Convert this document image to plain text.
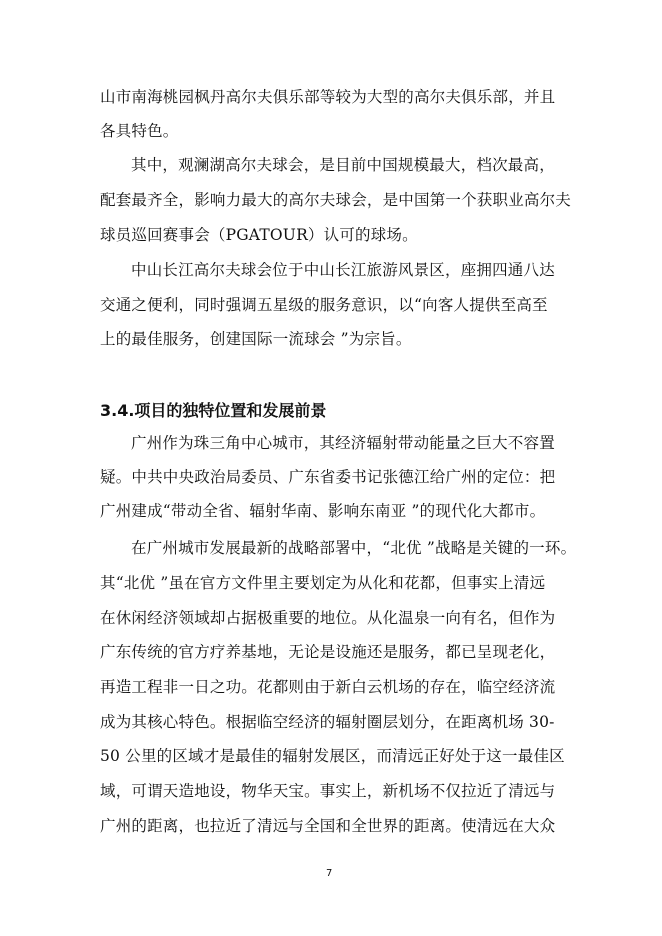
山市南海桃园枫丹高尔夫俱乐部等较为大型的高尔夫俱乐部，并且
各具特色。
其中，观澜湖高尔夫球会，是目前中国规模最大，档次最高，
配套最齐全，影响力最大的高尔夫球会，是中国第一个获职业高尔夫
球员巡回赛事会（PGATOUR）认可的球场。
中山长江高尔夫球会位于中山长江旅游风景区，座拥四通八达
交通之便利，同时强调五星级的服务意识，以“向客人提供至高至
上的最佳服务，创建国际一流球会 ”为宗旨。
3.4.项目的独特位置和发展前景
广州作为珠三角中心城市，其经济辐射带动能量之巨大不容置
疑。中共中央政治局委员、广东省委书记张德江给广州的定位：把
广州建成“带动全省、辐射华南、影响东南亚 ”的现代化大都市。
在广州城市发展最新的战略部署中，“北优 ”战略是关键的一环。
其“北优 ”虽在官方文件里主要划定为从化和花都，但事实上清远
在休闲经济领域却占据极重要的地位。从化温泉一向有名，但作为
广东传统的官方疗养基地，无论是设施还是服务，都已呈现老化，
再造工程非一日之功。花都则由于新白云机场的存在，临空经济流
成为其核心特色。根据临空经济的辐射圈层划分，在距离机场 30-
50 公里的区域才是最佳的辐射发展区，而清远正好处于这一最佳区
域，可谓天造地设，物华天宝。事实上，新机场不仅拉近了清远与
广州的距离，也拉近了清远与全国和全世界的距离。使清远在大众
7
